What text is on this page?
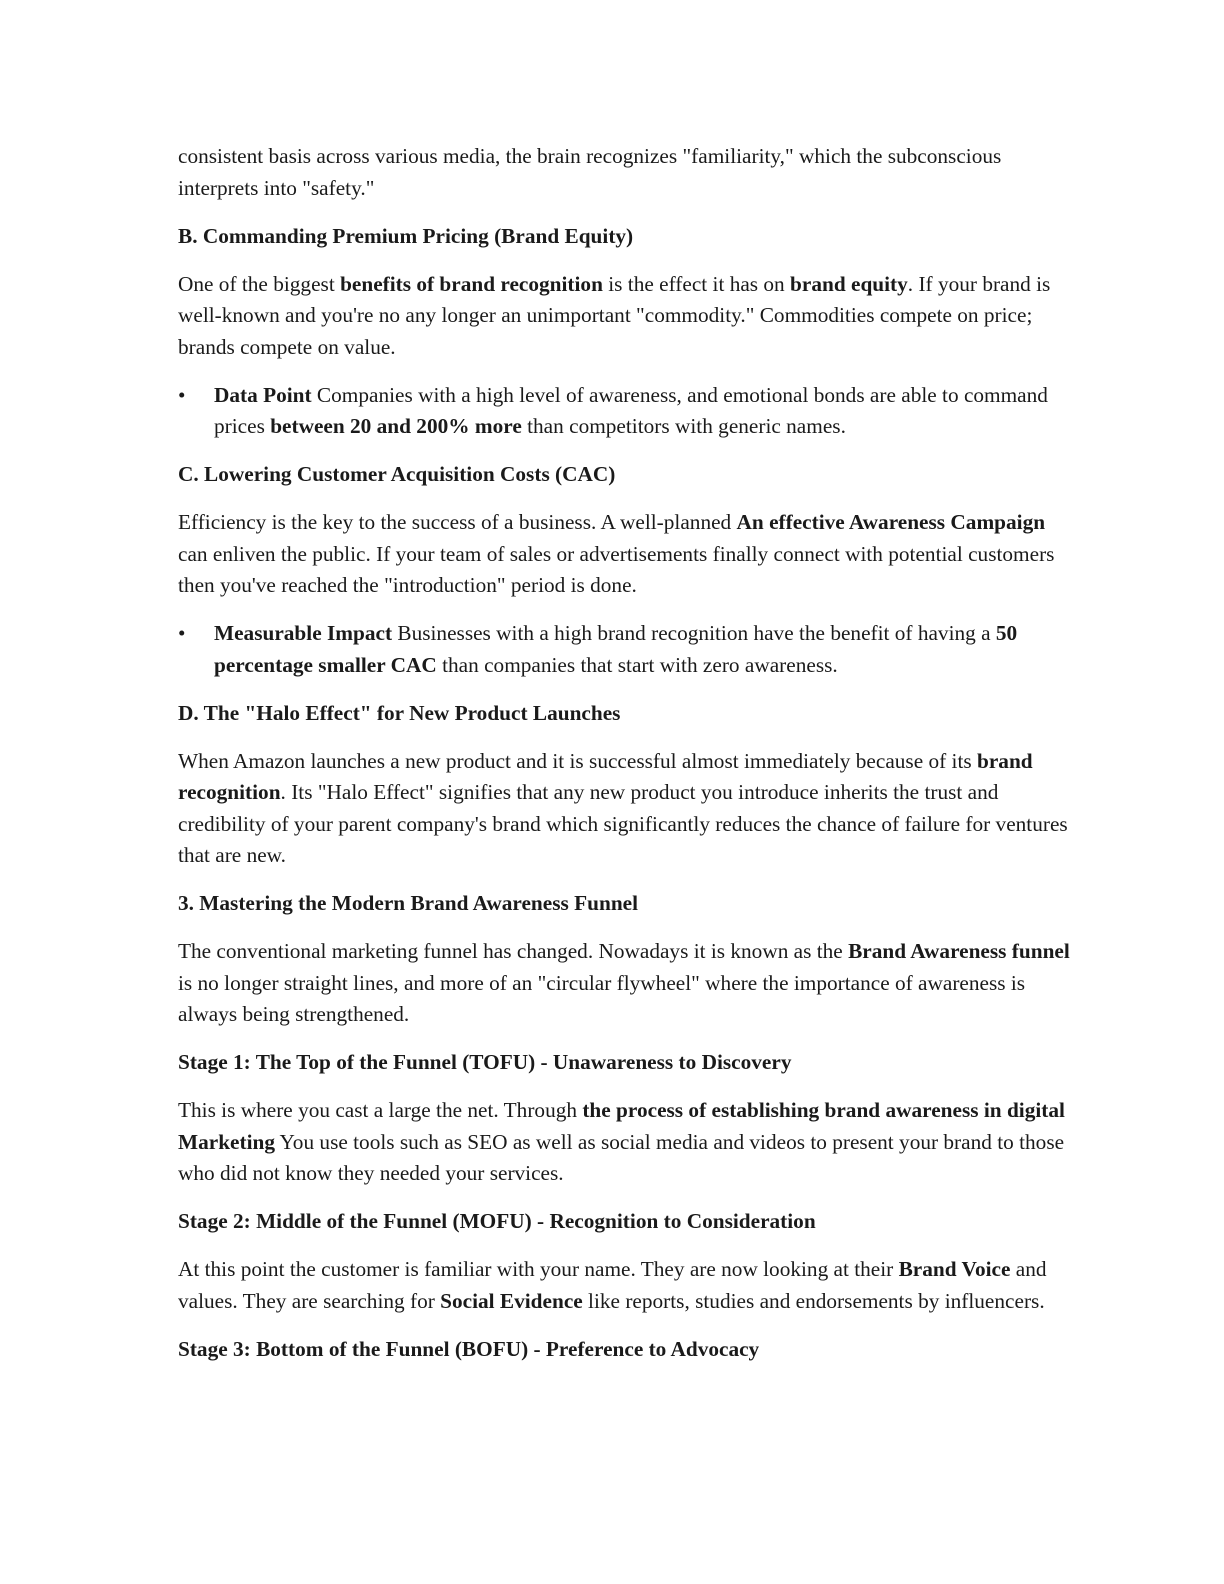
consistent basis across various media, the brain recognizes "familiarity," which the subconscious interprets into "safety."

B. Commanding Premium Pricing (Brand Equity)

One of the biggest benefits of brand recognition is the effect it has on brand equity. If your brand is well-known and you're no any longer an unimportant "commodity." Commodities compete on price; brands compete on value.

• Data Point Companies with a high level of awareness, and emotional bonds are able to command prices between 20 and 200% more than competitors with generic names.

C. Lowering Customer Acquisition Costs (CAC)

Efficiency is the key to the success of a business. A well-planned An effective Awareness Campaign can enliven the public. If your team of sales or advertisements finally connect with potential customers then you've reached the "introduction" period is done.

• Measurable Impact Businesses with a high brand recognition have the benefit of having a 50 percentage smaller CAC than companies that start with zero awareness.

D. The "Halo Effect" for New Product Launches

When Amazon launches a new product and it is successful almost immediately because of its brand recognition. Its "Halo Effect" signifies that any new product you introduce inherits the trust and credibility of your parent company's brand which significantly reduces the chance of failure for ventures that are new.

3. Mastering the Modern Brand Awareness Funnel

The conventional marketing funnel has changed. Nowadays it is known as the Brand Awareness funnel is no longer straight lines, and more of an "circular flywheel" where the importance of awareness is always being strengthened.

Stage 1: The Top of the Funnel (TOFU) - Unawareness to Discovery

This is where you cast a large the net. Through the process of establishing brand awareness in digital Marketing You use tools such as SEO as well as social media and videos to present your brand to those who did not know they needed your services.

Stage 2: Middle of the Funnel (MOFU) - Recognition to Consideration

At this point the customer is familiar with your name. They are now looking at their Brand Voice and values. They are searching for Social Evidence like reports, studies and endorsements by influencers.

Stage 3: Bottom of the Funnel (BOFU) - Preference to Advocacy
